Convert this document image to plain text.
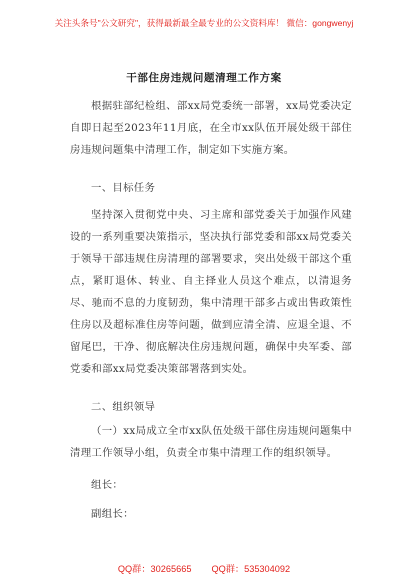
关注头条号"公文研究"，获得最新最全最专业的公文资料库！ 微信：gongwenyj
干部住房违规问题清理工作方案
根据驻部纪检组、部xx局党委统一部署，xx局党委决定自即日起至2023年11月底，在全市xx队伍开展处级干部住房违规问题集中清理工作，制定如下实施方案。
一、目标任务
坚持深入贯彻党中央、习主席和部党委关于加强作风建设的一系列重要决策指示，坚决执行部党委和部xx局党委关于领导干部违规住房清理的部署要求，突出处级干部这个重点，紧盯退休、转业、自主择业人员这个难点，以清退务尽、驰而不息的力度韧劲，集中清理干部多占或出售政策性住房以及超标准住房等问题，做到应清全清、应退全退、不留尾巴，干净、彻底解决住房违规问题，确保中央军委、部党委和部xx局党委决策部署落到实处。
二、组织领导
（一）xx局成立全市xx队伍处级干部住房违规问题集中清理工作领导小组，负责全市集中清理工作的组织领导。
组长：
副组长：
QQ群：30265665 QQ群：535304092
